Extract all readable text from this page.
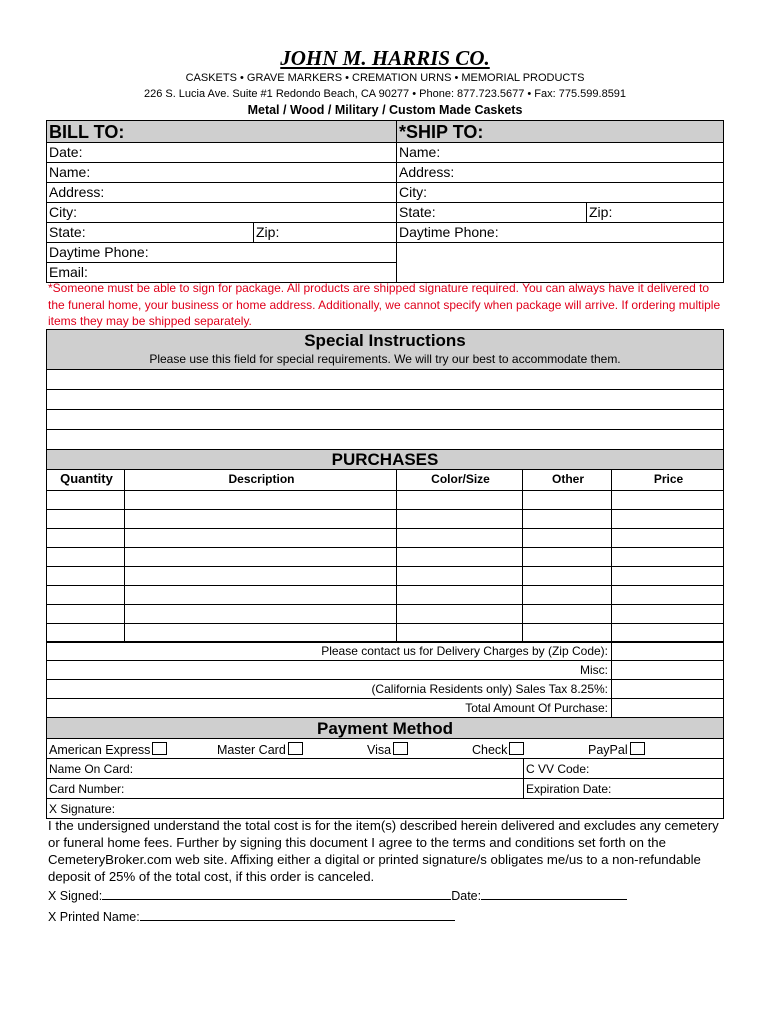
JOHN M. HARRIS CO.
CASKETS • GRAVE MARKERS • CREMATION URNS • MEMORIAL PRODUCTS
226 S. Lucia Ave. Suite #1 Redondo Beach, CA 90277 • Phone: 877.723.5677 • Fax: 775.599.8591
Metal / Wood / Military / Custom Made Caskets
BILL TO:	*SHIP TO:
Date:
Name:
Address:
City:
State:	Zip:
Daytime Phone:
Email:
Name:
Address:
City:
State:	Zip:
Daytime Phone:
*Someone must be able to sign for package. All products are shipped signature required. You can always have it delivered to the funeral home, your business or home address. Additionally, we cannot specify when package will arrive. If ordering multiple items they may be shipped separately.
Special Instructions
Please use this field for special requirements. We will try our best to accommodate them.
PURCHASES
Quantity	Description	Color/Size	Other	Price
Please contact us for Delivery Charges by (Zip Code):
Misc:
(California Residents only) Sales Tax 8.25%:
Total Amount Of Purchase:
Payment Method
American Express	Master Card	Visa	Check	PayPal
Name On Card:	C VV Code:
Card Number:	Expiration Date:
X Signature:
I the undersigned understand the total cost is for the item(s) described herein delivered and excludes any cemetery or funeral home fees. Further by signing this document I agree to the terms and conditions set forth on the CemeteryBroker.com web site. Affixing either a digital or printed signature/s obligates me/us to a non-refundable deposit of 25% of the total cost, if this order is canceled.
X Signed:	Date:
X Printed Name:
